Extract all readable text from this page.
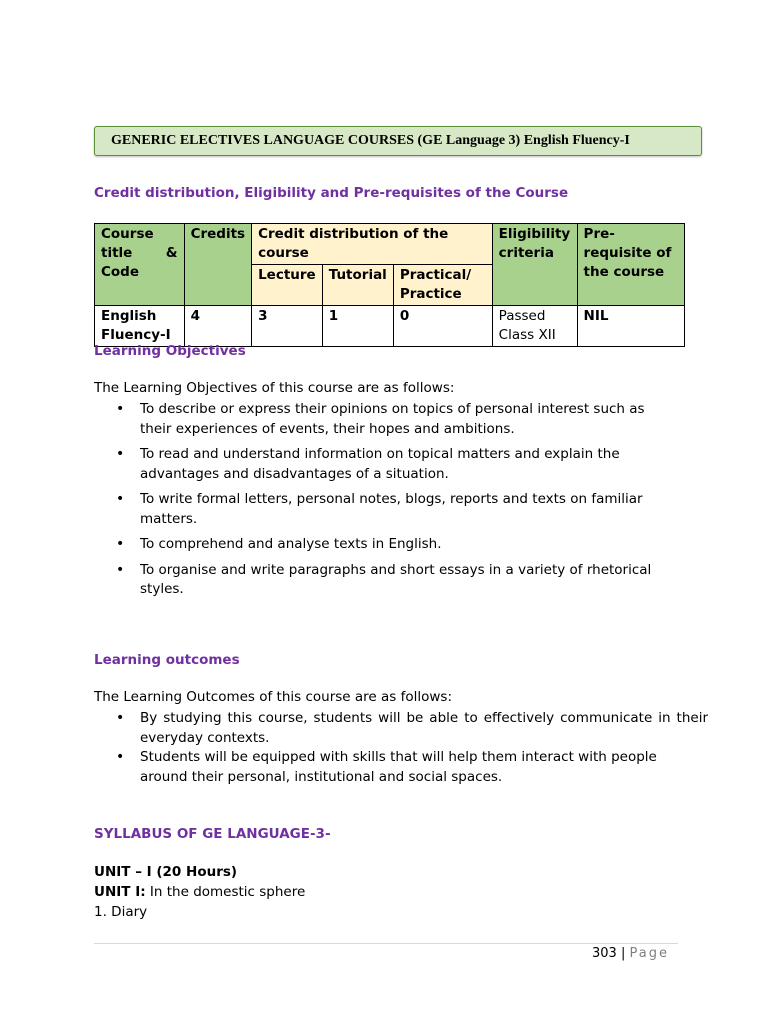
GENERIC ELECTIVES LANGUAGE COURSES (GE Language 3) English Fluency-I
Credit distribution, Eligibility and Pre-requisites of the Course
Course
title &
Code	Credits	Credit distribution of the course			Eligibility criteria	Pre-requisite of the course
		Lecture	Tutorial	Practical/ Practice		
English Fluency-I	4	3	1	0	Passed Class XII	NIL
Learning Objectives
The Learning Objectives of this course are as follows:
• To describe or express their opinions on topics of personal interest such as their experiences of events, their hopes and ambitions.
• To read and understand information on topical matters and explain the advantages and disadvantages of a situation.
• To write formal letters, personal notes, blogs, reports and texts on familiar matters.
• To comprehend and analyse texts in English.
• To organise and write paragraphs and short essays in a variety of rhetorical styles.
Learning outcomes
The Learning Outcomes of this course are as follows:
• By studying this course, students will be able to effectively communicate in their everyday contexts.
• Students will be equipped with skills that will help them interact with people around their personal, institutional and social spaces.
SYLLABUS OF GE LANGUAGE-3-
UNIT – I (20 Hours)
UNIT I: In the domestic sphere
1. Diary
303 | Page
